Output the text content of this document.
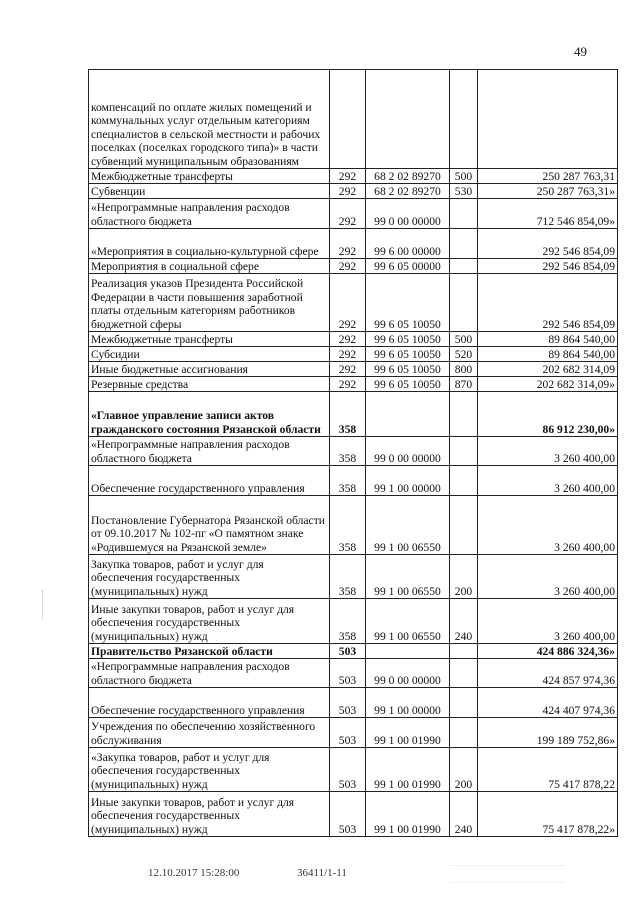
49
компенсаций по оплате жилых помещений и коммунальных услуг отдельным категориям специалистов в сельской местности и рабочих поселках (поселках городского типа)» в части субвенций муниципальным образованиям				
Межбюджетные трансферты	292	68 2 02 89270	500	250 287 763,31
Субвенции	292	68 2 02 89270	530	250 287 763,31»
«Непрограммные направления расходов областного бюджета	292	99 0 00 00000		712 546 854,09»
«Мероприятия в социально-культурной сфере	292	99 6 00 00000		292 546 854,09
Мероприятия в социальной сфере	292	99 6 05 00000		292 546 854,09
Реализация указов Президента Российской Федерации в части повышения заработной платы отдельным категориям работников бюджетной сферы	292	99 6 05 10050		292 546 854,09
Межбюджетные трансферты	292	99 6 05 10050	500	89 864 540,00
Субсидии	292	99 6 05 10050	520	89 864 540,00
Иные бюджетные ассигнования	292	99 6 05 10050	800	202 682 314,09
Резервные средства	292	99 6 05 10050	870	202 682 314,09»
«Главное управление записи актов гражданского состояния Рязанской области	358			86 912 230,00»
«Непрограммные направления расходов областного бюджета	358	99 0 00 00000		3 260 400,00
Обеспечение государственного управления	358	99 1 00 00000		3 260 400,00
Постановление Губернатора Рязанской области от 09.10.2017 № 102-пг «О памятном знаке «Родившемуся на Рязанской земле»	358	99 1 00 06550		3 260 400,00
Закупка товаров, работ и услуг для обеспечения государственных (муниципальных) нужд	358	99 1 00 06550	200	3 260 400,00
Иные закупки товаров, работ и услуг для обеспечения государственных (муниципальных) нужд	358	99 1 00 06550	240	3 260 400,00
Правительство Рязанской области	503			424 886 324,36»
«Непрограммные направления расходов областного бюджета	503	99 0 00 00000		424 857 974,36
Обеспечение государственного управления	503	99 1 00 00000		424 407 974,36
Учреждения по обеспечению хозяйственного обслуживания	503	99 1 00 01990		199 189 752,86»
«Закупка товаров, работ и услуг для обеспечения государственных (муниципальных) нужд	503	99 1 00 01990	200	75 417 878,22
Иные закупки товаров, работ и услуг для обеспечения государственных (муниципальных) нужд	503	99 1 00 01990	240	75 417 878,22»
12.10.2017 15:28:00	36411/1-11
